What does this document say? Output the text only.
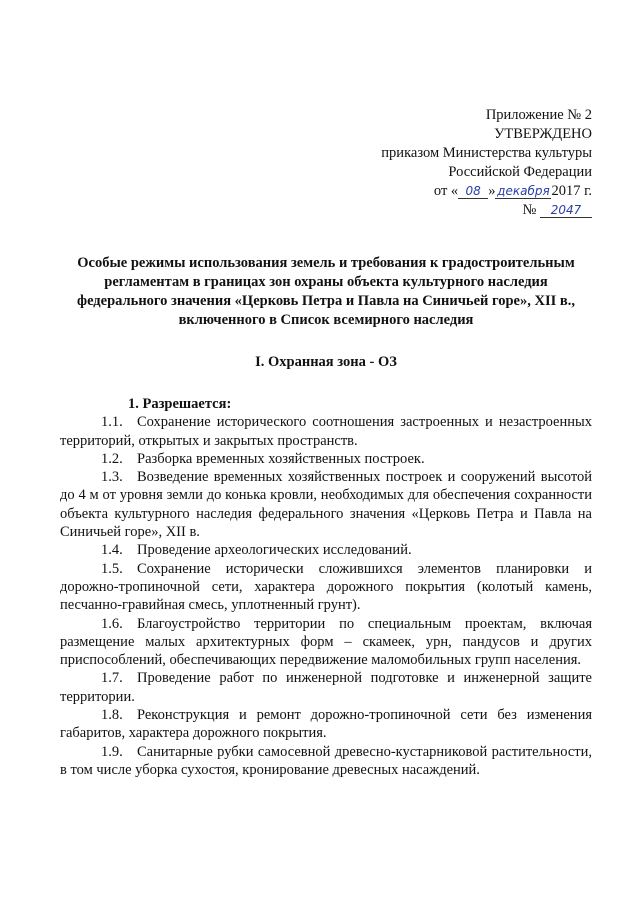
Приложение № 2
УТВЕРЖДЕНО
приказом Министерства культуры
Российской Федерации
от « 08 » декабря 2017 г.
№ 2047
Особые режимы использования земель и требования к градостроительным регламентам в границах зон охраны объекта культурного наследия федерального значения «Церковь Петра и Павла на Синичьей горе», XII в., включенного в Список всемирного наследия
I. Охранная зона - ОЗ
1. Разрешается:
1.1. Сохранение исторического соотношения застроенных и незастроенных территорий, открытых и закрытых пространств.
1.2. Разборка временных хозяйственных построек.
1.3. Возведение временных хозяйственных построек и сооружений высотой до 4 м от уровня земли до конька кровли, необходимых для обеспечения сохранности объекта культурного наследия федерального значения «Церковь Петра и Павла на Синичьей горе», XII в.
1.4. Проведение археологических исследований.
1.5. Сохранение исторически сложившихся элементов планировки и дорожно-тропиночной сети, характера дорожного покрытия (колотый камень, песчанно-гравийная смесь, уплотненный грунт).
1.6. Благоустройство территории по специальным проектам, включая размещение малых архитектурных форм – скамеек, урн, пандусов и других приспособлений, обеспечивающих передвижение маломобильных групп населения.
1.7. Проведение работ по инженерной подготовке и инженерной защите территории.
1.8. Реконструкция и ремонт дорожно-тропиночной сети без изменения габаритов, характера дорожного покрытия.
1.9. Санитарные рубки самосевной древесно-кустарниковой растительности, в том числе уборка сухостоя, кронирование древесных насаждений.
